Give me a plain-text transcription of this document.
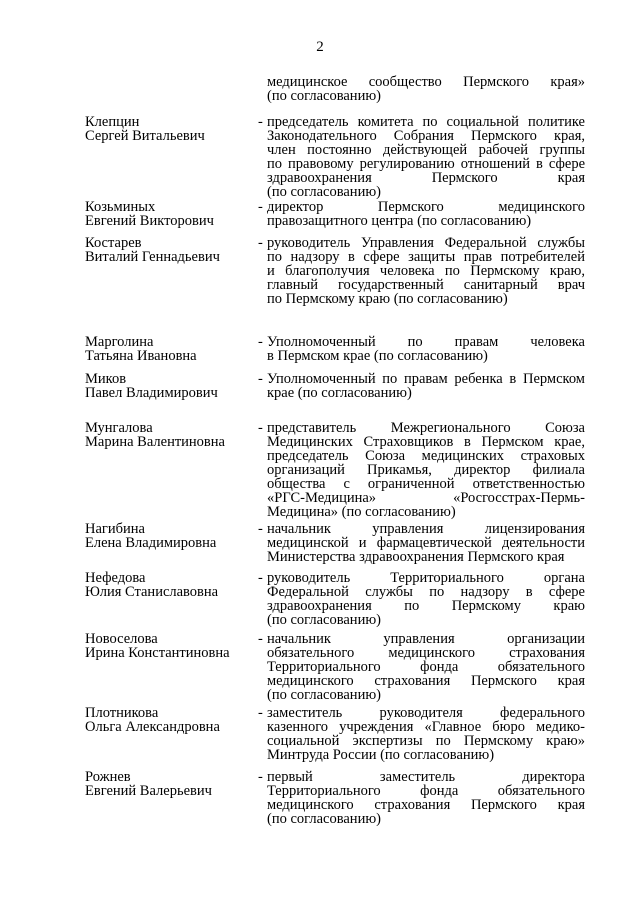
2
медицинское сообщество Пермского края»
(по согласованию)
Клепцин
Сергей Витальевич
- председатель комитета по социальной политике
Законодательного Собрания Пермского края,
член постоянно действующей рабочей группы
по правовому регулированию отношений в сфере
здравоохранения Пермского края
(по согласованию)
Козьминых
Евгений Викторович
- директор Пермского медицинского
правозащитного центра (по согласованию)
Костарев
Виталий Геннадьевич
- руководитель Управления Федеральной службы
по надзору в сфере защиты прав потребителей
и благополучия человека по Пермскому краю,
главный государственный санитарный врач
по Пермскому краю (по согласованию)
Марголина
Татьяна Ивановна
- Уполномоченный по правам человека
в Пермском крае (по согласованию)
Миков
Павел Владимирович
- Уполномоченный по правам ребенка в Пермском
крае (по согласованию)
Мунгалова
Марина Валентиновна
- представитель Межрегионального Союза
Медицинских Страховщиков в Пермском крае,
председатель Союза медицинских страховых
организаций Прикамья, директор филиала
общества с ограниченной ответственностью
«РГС-Медицина» «Росгосстрах-Пермь-
Медицина» (по согласованию)
Нагибина
Елена Владимировна
- начальник управления лицензирования
медицинской и фармацевтической деятельности
Министерства здравоохранения Пермского края
Нефедова
Юлия Станиславовна
- руководитель Территориального органа
Федеральной службы по надзору в сфере
здравоохранения по Пермскому краю
(по согласованию)
Новоселова
Ирина Константиновна
- начальник управления организации
обязательного медицинского страхования
Территориального фонда обязательного
медицинского страхования Пермского края
(по согласованию)
Плотникова
Ольга Александровна
- заместитель руководителя федерального
казенного учреждения «Главное бюро медико-
социальной экспертизы по Пермскому краю»
Минтруда России (по согласованию)
Рожнев
Евгений Валерьевич
- первый заместитель директора
Территориального фонда обязательного
медицинского страхования Пермского края
(по согласованию)
